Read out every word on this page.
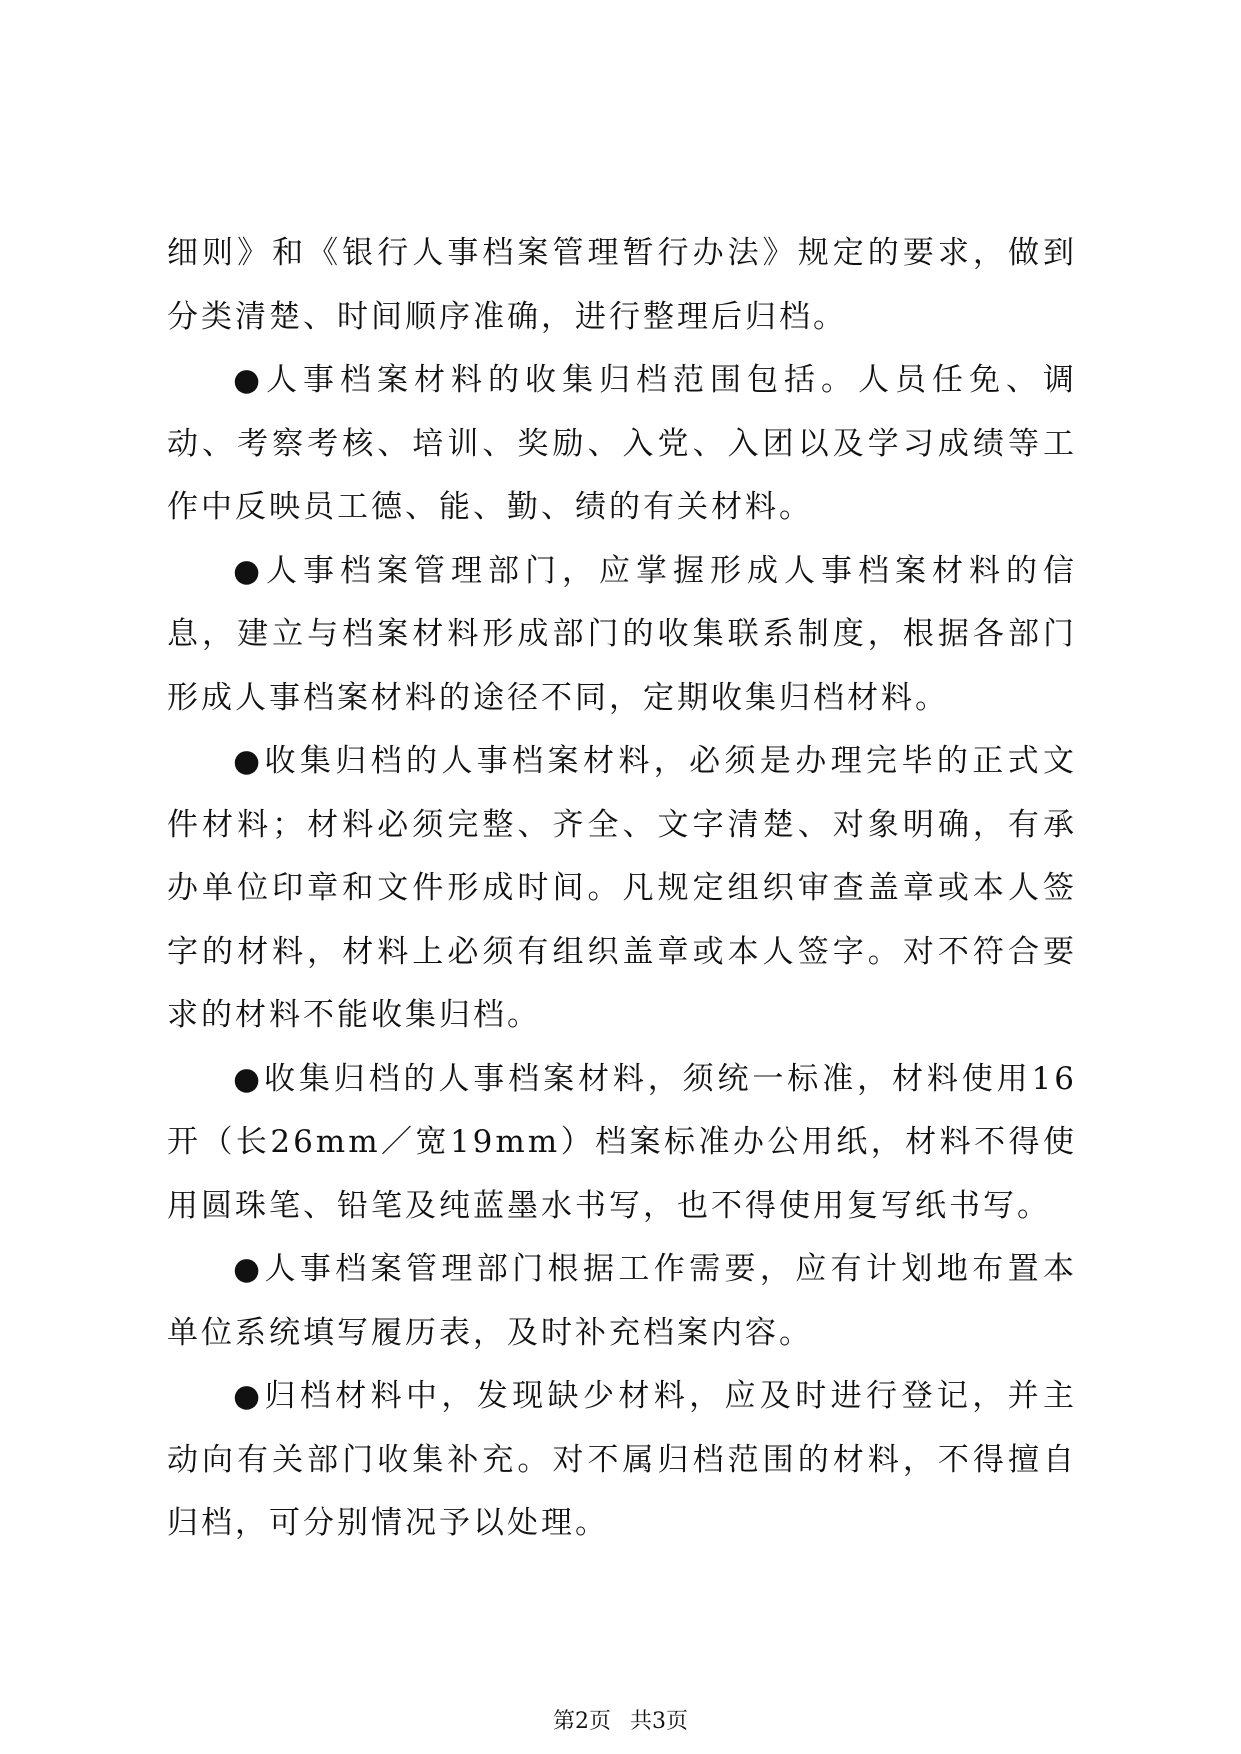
细则》和《银行人事档案管理暂行办法》规定的要求，做到分类清楚、时间顺序准确，进行整理后归档。

●人事档案材料的收集归档范围包括。人员任免、调动、考察考核、培训、奖励、入党、入团以及学习成绩等工作中反映员工德、能、勤、绩的有关材料。

●人事档案管理部门，应掌握形成人事档案材料的信息，建立与档案材料形成部门的收集联系制度，根据各部门形成人事档案材料的途径不同，定期收集归档材料。

●收集归档的人事档案材料，必须是办理完毕的正式文件材料；材料必须完整、齐全、文字清楚、对象明确，有承办单位印章和文件形成时间。凡规定组织审查盖章或本人签字的材料，材料上必须有组织盖章或本人签字。对不符合要求的材料不能收集归档。

●收集归档的人事档案材料，须统一标准，材料使用16开（长26mm／宽19mm）档案标准办公用纸，材料不得使用圆珠笔、铅笔及纯蓝墨水书写，也不得使用复写纸书写。

●人事档案管理部门根据工作需要，应有计划地布置本单位系统填写履历表，及时补充档案内容。

●归档材料中，发现缺少材料，应及时进行登记，并主动向有关部门收集补充。对不属归档范围的材料，不得擅自归档，可分别情况予以处理。

第2页 共3页
